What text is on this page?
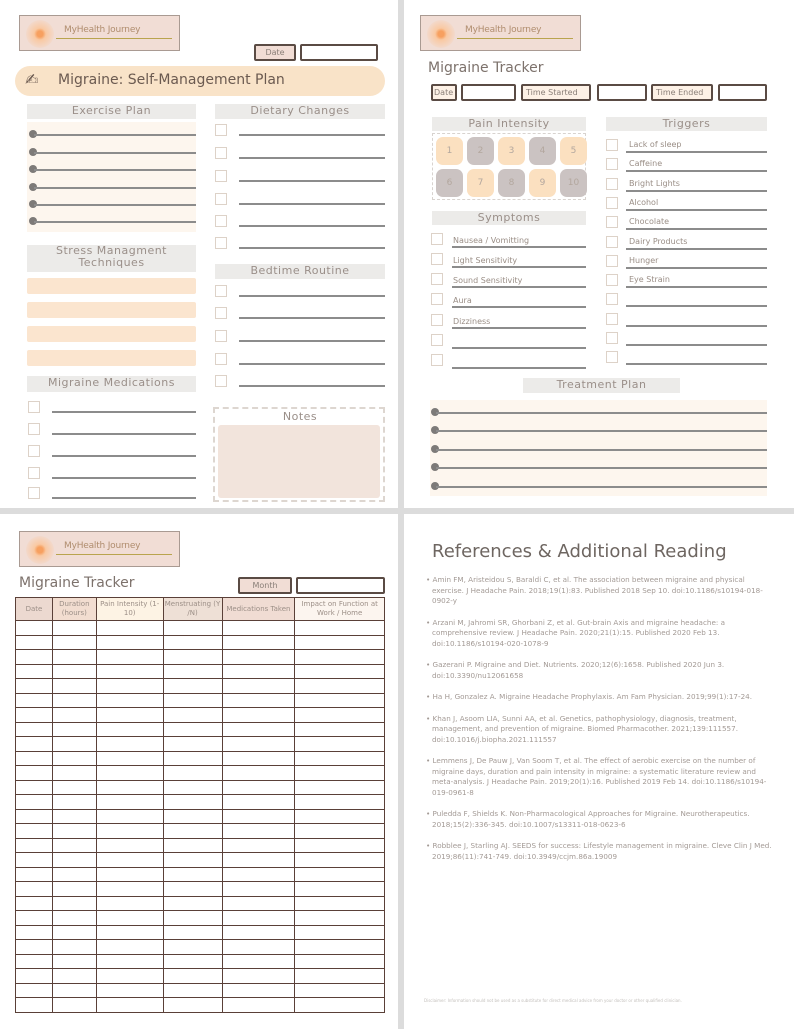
MyHealth Journey
Date
✍ Migraine: Self-Management Plan
Exercise Plan
Stress Managment Techniques
Migraine Medications
Dietary Changes
Bedtime Routine
Notes
MyHealth Journey
Migraine Tracker
Date	Time Started	Time Ended
Pain Intensity
1	2	3	4	5
6	7	8	9	10
Symptoms
Nausea / Vomitting
Light Sensitivity
Sound Sensitivity
Aura
Dizziness
Triggers
Lack of sleep
Caffeine
Bright Lights
Alcohol
Chocolate
Dairy Products
Hunger
Eye Strain
Treatment Plan
MyHealth Journey
Migraine Tracker	Month
Date	Duration (hours)	Pain Intensity (1-10)	Menstruating (Y /N)	Medications Taken	Impact on Function at Work / Home

References & Additional Reading
• Amin FM, Aristeidou S, Baraldi C, et al. The association between migraine and physical exercise. J Headache Pain. 2018;19(1):83. Published 2018 Sep 10. doi:10.1186/s10194-018-0902-y
• Arzani M, Jahromi SR, Ghorbani Z, et al. Gut-brain Axis and migraine headache: a comprehensive review. J Headache Pain. 2020;21(1):15. Published 2020 Feb 13. doi:10.1186/s10194-020-1078-9
• Gazerani P. Migraine and Diet. Nutrients. 2020;12(6):1658. Published 2020 Jun 3. doi:10.3390/nu12061658
• Ha H, Gonzalez A. Migraine Headache Prophylaxis. Am Fam Physician. 2019;99(1):17-24.
• Khan J, Asoom LIA, Sunni AA, et al. Genetics, pathophysiology, diagnosis, treatment, management, and prevention of migraine. Biomed Pharmacother. 2021;139:111557. doi:10.1016/j.biopha.2021.111557
• Lemmens J, De Pauw J, Van Soom T, et al. The effect of aerobic exercise on the number of migraine days, duration and pain intensity in migraine: a systematic literature review and meta-analysis. J Headache Pain. 2019;20(1):16. Published 2019 Feb 14. doi:10.1186/s10194-019-0961-8
• Puledda F, Shields K. Non-Pharmacological Approaches for Migraine. Neurotherapeutics. 2018;15(2):336-345. doi:10.1007/s13311-018-0623-6
• Robblee J, Starling AJ. SEEDS for success: Lifestyle management in migraine. Cleve Clin J Med. 2019;86(11):741-749. doi:10.3949/ccjm.86a.19009
Disclaimer: Information should not be used as a substitute for direct medical advice from your doctor or other qualified clinician.
